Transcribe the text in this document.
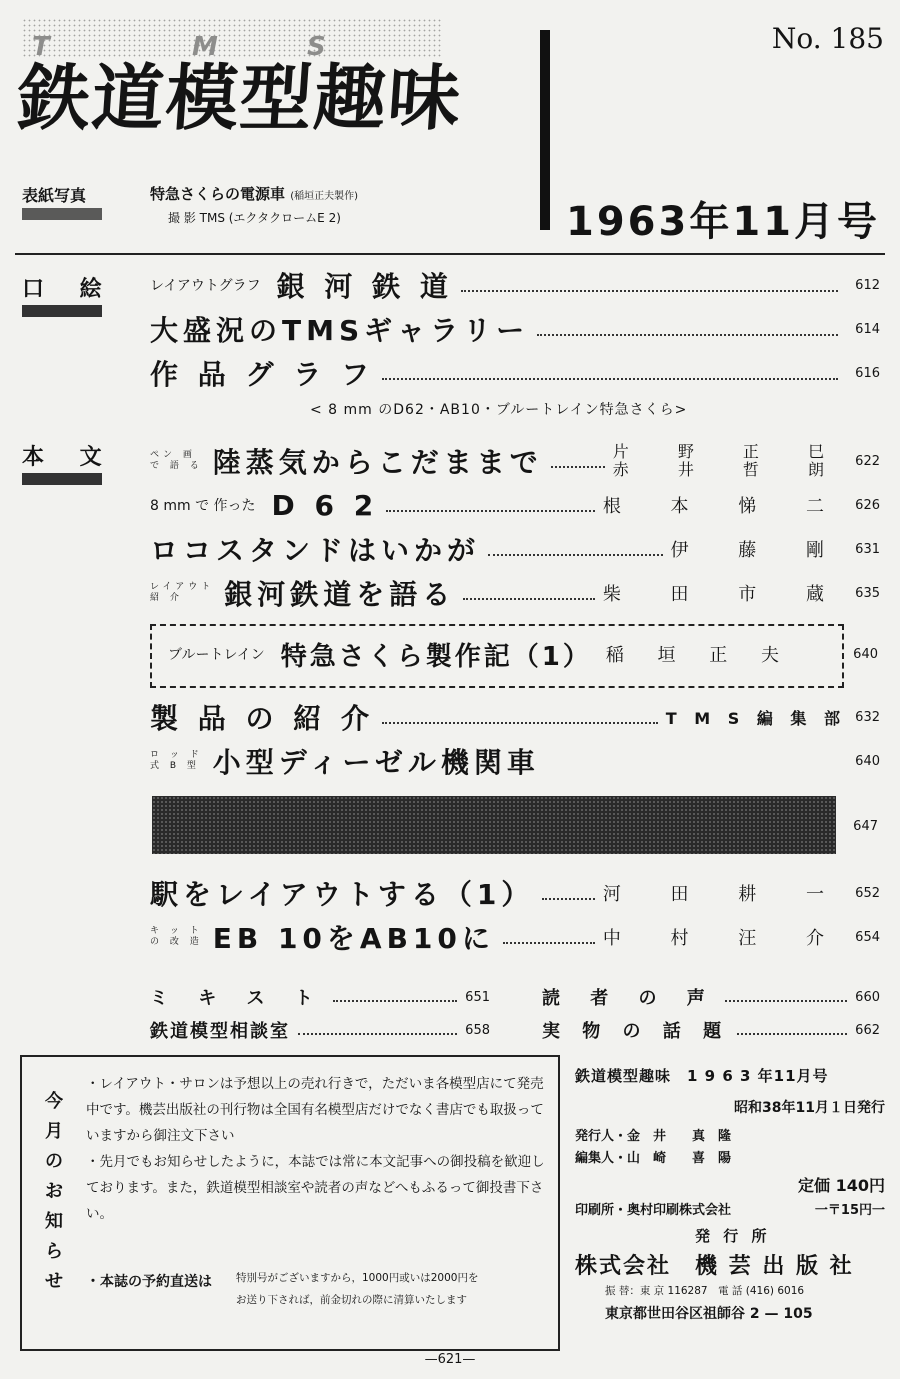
T	M	S
鉄道模型趣味
No. 185
1963年11月号
表紙写真	特急さくらの電源車 (稲垣正夫製作)
撮 影 TMS (エクタクロームE 2)
口 絵
本 文
レイアウトグラフ 銀 河 鉄 道	612
大盛況のTMSギャラリー	614
作 品 グ ラ フ	616
< 8 mm のD62・AB10・ブルートレイン特急さくら>
ペン 画
で 語 る 陸蒸気からこだままで	片 野 正 巳
赤 井 哲 朗 622
8 mm で 作った D 6 2	根 本 悌 二 626
ロコスタンドはいかが	伊 藤 剛 631
レイアウト
紹 介	銀河鉄道を語る	柴 田 市 蔵 635
ブルートレイン 特急さくら製作記（1） 稲 垣 正 夫	640
製 品 の 紹 介	T M S 編 集 部 632
ロ ッ ド
式 B 型 小型ディーゼル機関車	640
647
駅をレイアウトする（1）	河 田 耕 一 652
キ ッ ト
の 改 造 EB 10をAB10に	中 村 汪 介 654
ミ キ ス ト	651	読 者 の 声	660
鉄道模型相談室	658	実 物 の 話 題	662
今月のお知らせ

・レイアウト・サロンは予想以上の売れ行きで，ただいま各模型店にて発売中です。機芸出版社の刊行物は全国有名模型店だけでなく書店でも取扱っていますから御注文下さい

・先月でもお知らせしたように，本誌では常に本文記事への御投稿を歓迎しております。また，鉄道模型相談室や読者の声などへもふるって御投書下さい。

・本誌の予約直送は	特別号がございますから，1000円或いは2000円を
お送り下されば，前金切れの際に清算いたします
鉄道模型趣味　1 9 6 3 年11月号
昭和38年11月１日発行
発行人・金　井　　真　隆
編集人・山　崎　　喜　陽
定価 140円
印刷所・奥村印刷株式会社	一〒15円一
発 行 所
株式会社　機 芸 出 版 社
振 替：東 京 116287　電 話 (416) 6016
東京都世田谷区祖師谷 2 — 105
—621—
